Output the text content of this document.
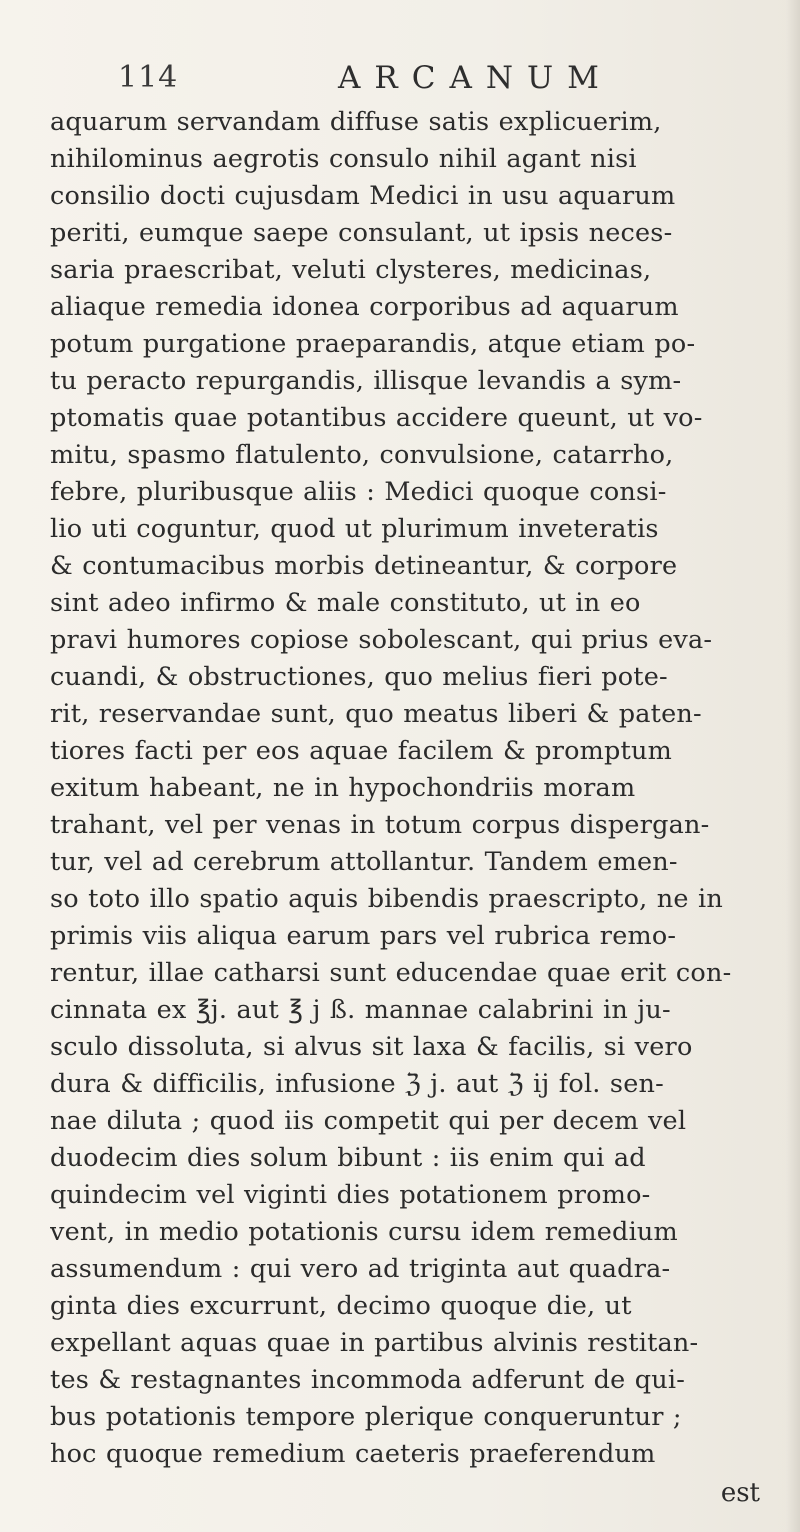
114	ARCANUM
aquarum servandam diffuse satis explicuerim,
nihilominus aegrotis consulo nihil agant nisi
consilio docti cujusdam Medici in usu aquarum
periti, eumque saepe consulant, ut ipsis neces-
saria praescribat, veluti clysteres, medicinas,
aliaque remedia idonea corporibus ad aquarum
potum purgatione praeparandis, atque etiam po-
tu peracto repurgandis, illisque levandis a sym-
ptomatis quae potantibus accidere queunt, ut vo-
mitu, spasmo flatulento, convulsione, catarrho,
febre, pluribusque aliis : Medici quoque consi-
lio uti coguntur, quod ut plurimum inveteratis
& contumacibus morbis detineantur, & corpore
sint adeo infirmo & male constituto, ut in eo
pravi humores copiose sobolescant, qui prius eva-
cuandi, & obstructiones, quo melius fieri pote-
rit, reservandae sunt, quo meatus liberi & paten-
tiores facti per eos aquae facilem & promptum
exitum habeant, ne in hypochondriis moram
trahant, vel per venas in totum corpus dispergan-
tur, vel ad cerebrum attollantur. Tandem emen-
so toto illo spatio aquis bibendis praescripto, ne in
primis viis aliqua earum pars vel rubrica remo-
rentur, illae catharsi sunt educendae quae erit con-
cinnata ex ℥j. aut ℥ j ß. mannae calabrini in ju-
sculo dissoluta, si alvus sit laxa & facilis, si vero
dura & difficilis, infusione ℨ j. aut ℨ ij fol. sen-
nae diluta ; quod iis competit qui per decem vel
duodecim dies solum bibunt : iis enim qui ad
quindecim vel viginti dies potationem promo-
vent, in medio potationis cursu idem remedium
assumendum : qui vero ad triginta aut quadra-
ginta dies excurrunt, decimo quoque die, ut
expellant aquas quae in partibus alvinis restitan-
tes & restagnantes incommoda adferunt de qui-
bus potationis tempore plerique conqueruntur ;
hoc quoque remedium caeteris praeferendum
est
